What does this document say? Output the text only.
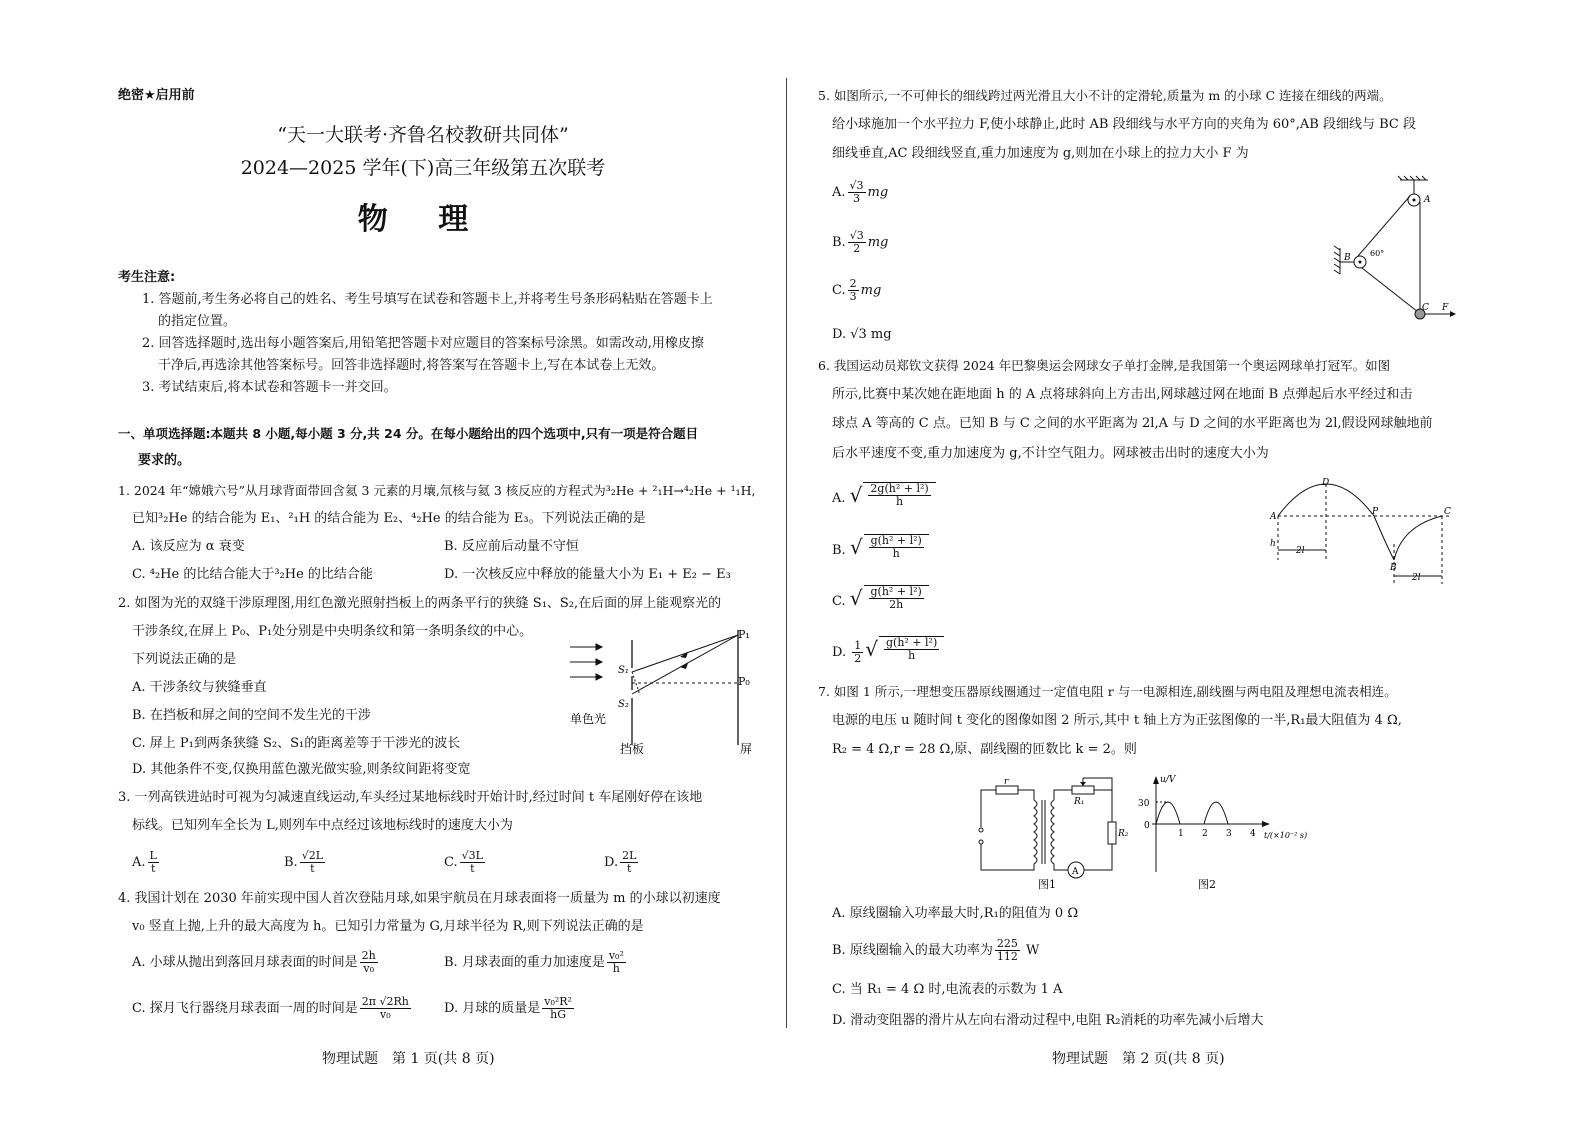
绝密★启用前
“天一大联考·齐鲁名校教研共同体”
2024—2025 学年(下)高三年级第五次联考
物 理
考生注意:
1. 答题前,考生务必将自己的姓名、考生号填写在试卷和答题卡上,并将考生号条形码粘贴在答题卡上
的指定位置。
2. 回答选择题时,选出每小题答案后,用铅笔把答题卡对应题目的答案标号涂黑。如需改动,用橡皮擦
干净后,再选涂其他答案标号。回答非选择题时,将答案写在答题卡上,写在本试卷上无效。
3. 考试结束后,将本试卷和答题卡一并交回。
一、单项选择题:本题共 8 小题,每小题 3 分,共 24 分。在每小题给出的四个选项中,只有一项是符合题目
要求的。
1. 2024 年“嫦娥六号”从月球背面带回含氦 3 元素的月壤,氘核与氦 3 核反应的方程式为³₂He + ²₁H→⁴₂He + ¹₁H,
已知³₂He 的结合能为 E₁、²₁H 的结合能为 E₂、⁴₂He 的结合能为 E₃。下列说法正确的是
A. 该反应为 α 衰变	B. 反应前后动量不守恒
C. ⁴₂He 的比结合能大于³₂He 的比结合能	D. 一次核反应中释放的能量大小为 E₁ + E₂ − E₃
2. 如图为光的双缝干涉原理图,用红色激光照射挡板上的两条平行的狭缝 S₁、S₂,在后面的屏上能观察光的
干涉条纹,在屏上 P₀、P₁处分别是中央明条纹和第一条明条纹的中心。
下列说法正确的是
A. 干涉条纹与狭缝垂直
B. 在挡板和屏之间的空间不发生光的干涉
C. 屏上 P₁到两条狭缝 S₂、S₁的距离差等于干涉光的波长
D. 其他条件不变,仅换用蓝色激光做实验,则条纹间距将变宽
P₁
P₀
S₁
S₂
单色光
挡板	屏
3. 一列高铁进站时可视为匀减速直线运动,车头经过某地标线时开始计时,经过时间 t 车尾刚好停在该地
标线。已知列车全长为 L,则列车中点经过该地标线时的速度大小为
A. $\frac{L}{t}$	B. $\frac{√2L}{t}$	C. $\frac{√3L}{t}$	D. $\frac{2L}{t}$
4. 我国计划在 2030 年前实现中国人首次登陆月球,如果宇航员在月球表面将一质量为 m 的小球以初速度
v₀ 竖直上抛,上升的最大高度为 h。已知引力常量为 G,月球半径为 R,则下列说法正确的是
A. 小球从抛出到落回月球表面的时间是 $\frac{2h}{\text{v₀}}$	B. 月球表面的重力加速度是 $\frac{\text{v₀²}}{h}$
C. 探月飞行器绕月球表面一周的时间是 $\frac{2\pi √2Rh}{\text{v₀}}$	D. 月球的质量是 $\frac{\text{v₀²R²}}{hG}$
5. 如图所示,一不可伸长的细线跨过两光滑且大小不计的定滑轮,质量为 m 的小球 C 连接在细线的两端。
给小球施加一个水平拉力 F,使小球静止,此时 AB 段细线与水平方向的夹角为 60°,AB 段细线与 BC 段
细线垂直,AC 段细线竖直,重力加速度为 g,则加在小球上的拉力大小 F 为
A. $\frac{√3}{3}$ mg
B. $\frac{√3}{2}$ mg
C. $\frac{2}{3}$ mg
D. √3 mg
A
B
C F
60°
6. 我国运动员郑钦文获得 2024 年巴黎奥运会网球女子单打金牌,是我国第一个奥运网球单打冠军。如图
所示,比赛中某次她在距地面 h 的 A 点将球斜向上方击出,网球越过网在地面 B 点弹起后水平经过和击
球点 A 等高的 C 点。已知 B 与 C 之间的水平距离为 2l,A 与 D 之间的水平距离也为 2l,假设网球触地前
后水平速度不变,重力加速度为 g,不计空气阻力。网球被击出时的速度大小为
A. √ $\frac{\text{2g(h² + l²)}}{h}$
B. √ $\frac{\text{g(h² + l²)}}{h}$
C. √ $\frac{\text{g(h² + l²)}}{2h}$
D. $\frac{1}{2}$ √ $\frac{\text{g(h² + l²)}}{h}$
A
D
P	C
B
h
2l
2l
7. 如图 1 所示,一理想变压器原线圈通过一定值电阻 r 与一电源相连,副线圈与两电阻及理想电流表相连。
电源的电压 u 随时间 t 变化的图像如图 2 所示,其中 t 轴上方为正弦图像的一半,R₁最大阻值为 4 Ω,
R₂ = 4 Ω,r = 28 Ω,原、副线圈的匝数比 k = 2。则
r
R₁
R₂
A
图1
u/V
30
0
1 2 3 4 t/(×10⁻² s)
图2
A. 原线圈输入功率最大时,R₁的阻值为 0 Ω
B. 原线圈输入的最大功率为 $\frac{225}{112}$ W
C. 当 R₁ = 4 Ω 时,电流表的示数为 1 A
D. 滑动变阻器的滑片从左向右滑动过程中,电阻 R₂消耗的功率先减小后增大
物理试题　第 1 页(共 8 页)	物理试题　第 2 页(共 8 页)
